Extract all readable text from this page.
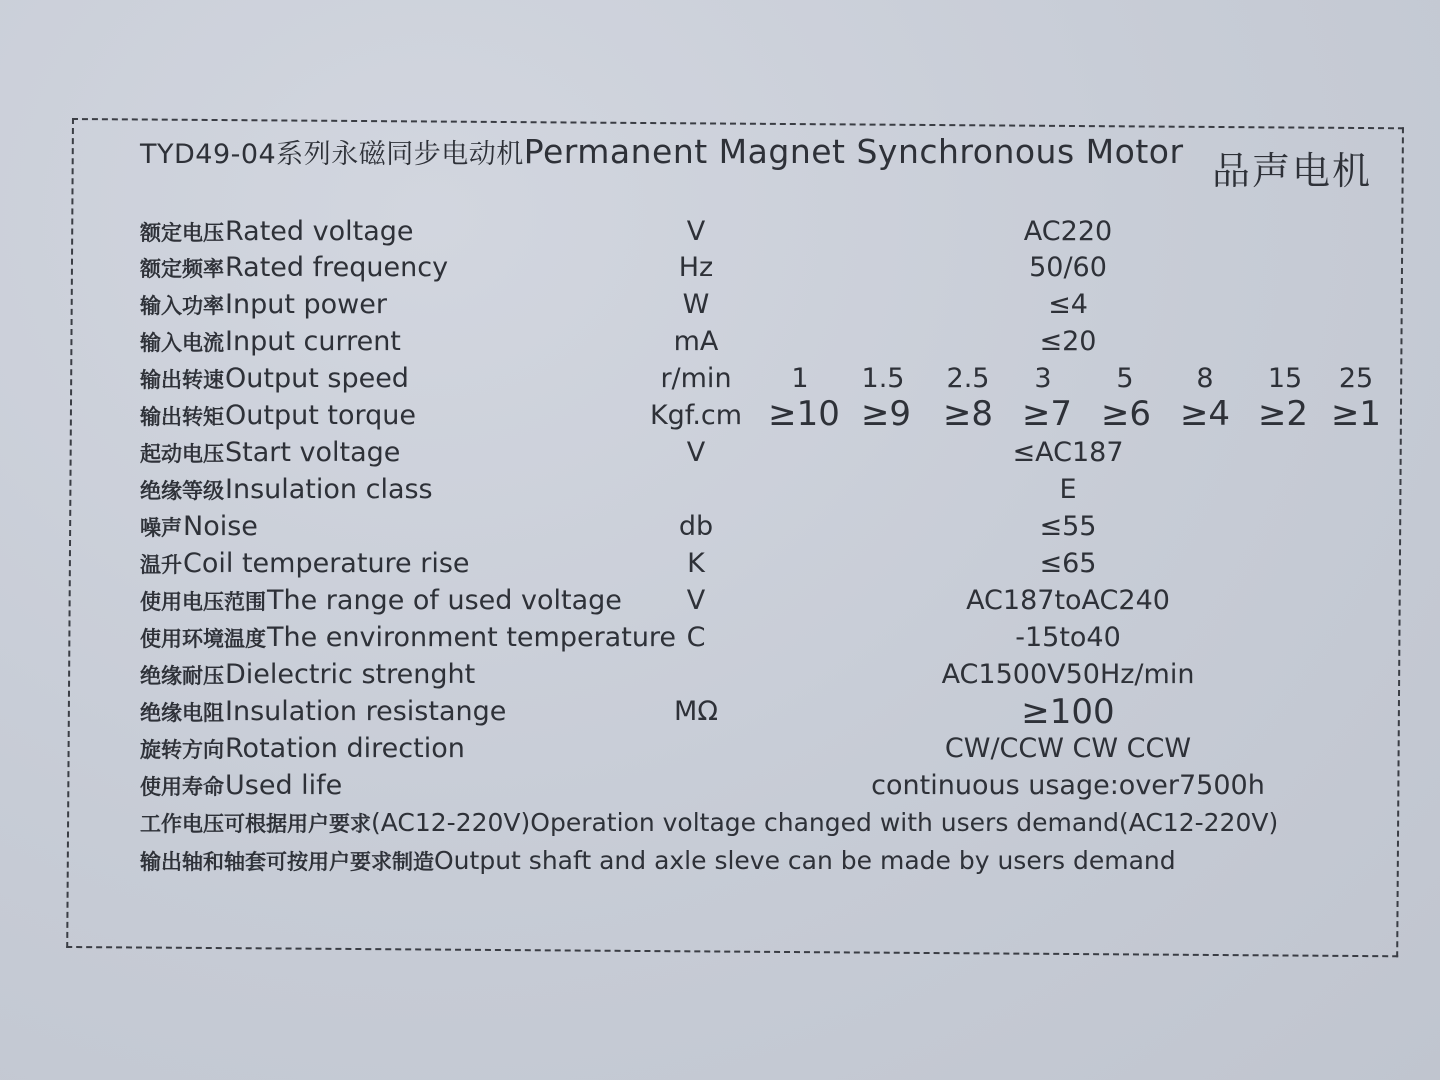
TYD49-04系列永磁同步电动机Permanent Magnet Synchronous Motor 品声电机
额定电压Rated voltage	V	AC220
额定频率Rated frequency	Hz	50/60
输入功率Input power	W	≤4
输入电流Input current	mA	≤20
输出转速Output speed	r/min 1 1.5 2.5 3 5 8 15 25
输出转矩Output torque	Kgf.cm ≥10 ≥9 ≥8 ≥7 ≥6 ≥4 ≥2 ≥1
起动电压Start voltage	V	≤AC187
绝缘等级Insulation class	E
噪声Noise	db	≤55
温升Coil temperature rise	K	≤65
使用电压范围The range of used voltage V	AC187toAC240
使用环境温度The environment temperature C	-15to40
绝缘耐压Dielectric strenght	AC1500V50Hz/min
绝缘电阻Insulation resistange	MΩ	≥100
旋转方向Rotation direction	CW/CCW CW CCW
使用寿命Used life	continuous usage:over7500h
工作电压可根据用户要求(AC12-220V)Operation voltage changed with users demand(AC12-220V)
输出轴和轴套可按用户要求制造Output shaft and axle sleve can be made by users demand
